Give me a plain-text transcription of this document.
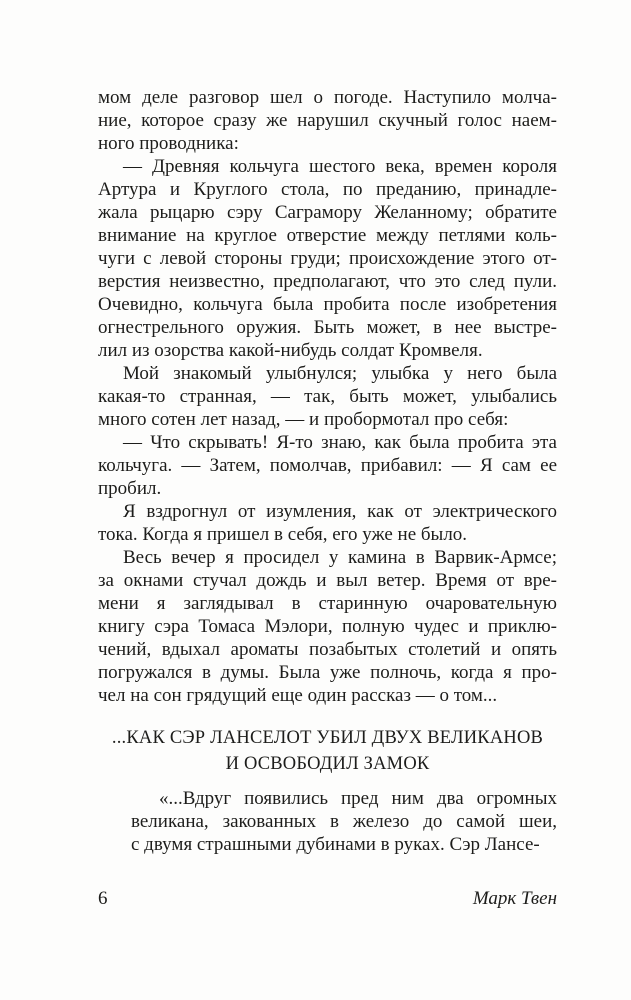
мом деле разговор шел о погоде. Наступило молча-
ние, которое сразу же нарушил скучный голос наем-
ного проводника:
— Древняя кольчуга шестого века, времен короля
Артура и Круглого стола, по преданию, принадле-
жала рыцарю сэру Саграмору Желанному; обратите
внимание на круглое отверстие между петлями коль-
чуги с левой стороны груди; происхождение этого от-
верстия неизвестно, предполагают, что это след пули.
Очевидно, кольчуга была пробита после изобретения
огнестрельного оружия. Быть может, в нее выстре-
лил из озорства какой-нибудь солдат Кромвеля.
Мой знакомый улыбнулся; улыбка у него была
какая-то странная, — так, быть может, улыбались
много сотен лет назад, — и пробормотал про себя:
— Что скрывать! Я-то знаю, как была пробита эта
кольчуга. — Затем, помолчав, прибавил: — Я сам ее
пробил.
Я вздрогнул от изумления, как от электрического
тока. Когда я пришел в себя, его уже не было.
Весь вечер я просидел у камина в Варвик-Армсе;
за окнами стучал дождь и выл ветер. Время от вре-
мени я заглядывал в старинную очаровательную
книгу сэра Томаса Мэлори, полную чудес и приклю-
чений, вдыхал ароматы позабытых столетий и опять
погружался в думы. Была уже полночь, когда я про-
чел на сон грядущий еще один рассказ — о том...
...КАК СЭР ЛАНСЕЛОТ УБИЛ ДВУХ ВЕЛИКАНОВ
И ОСВОБОДИЛ ЗАМОК
«...Вдруг появились пред ним два огромных
великана, закованных в железо до самой шеи,
с двумя страшными дубинами в руках. Сэр Лансе-
6	Марк Твен
